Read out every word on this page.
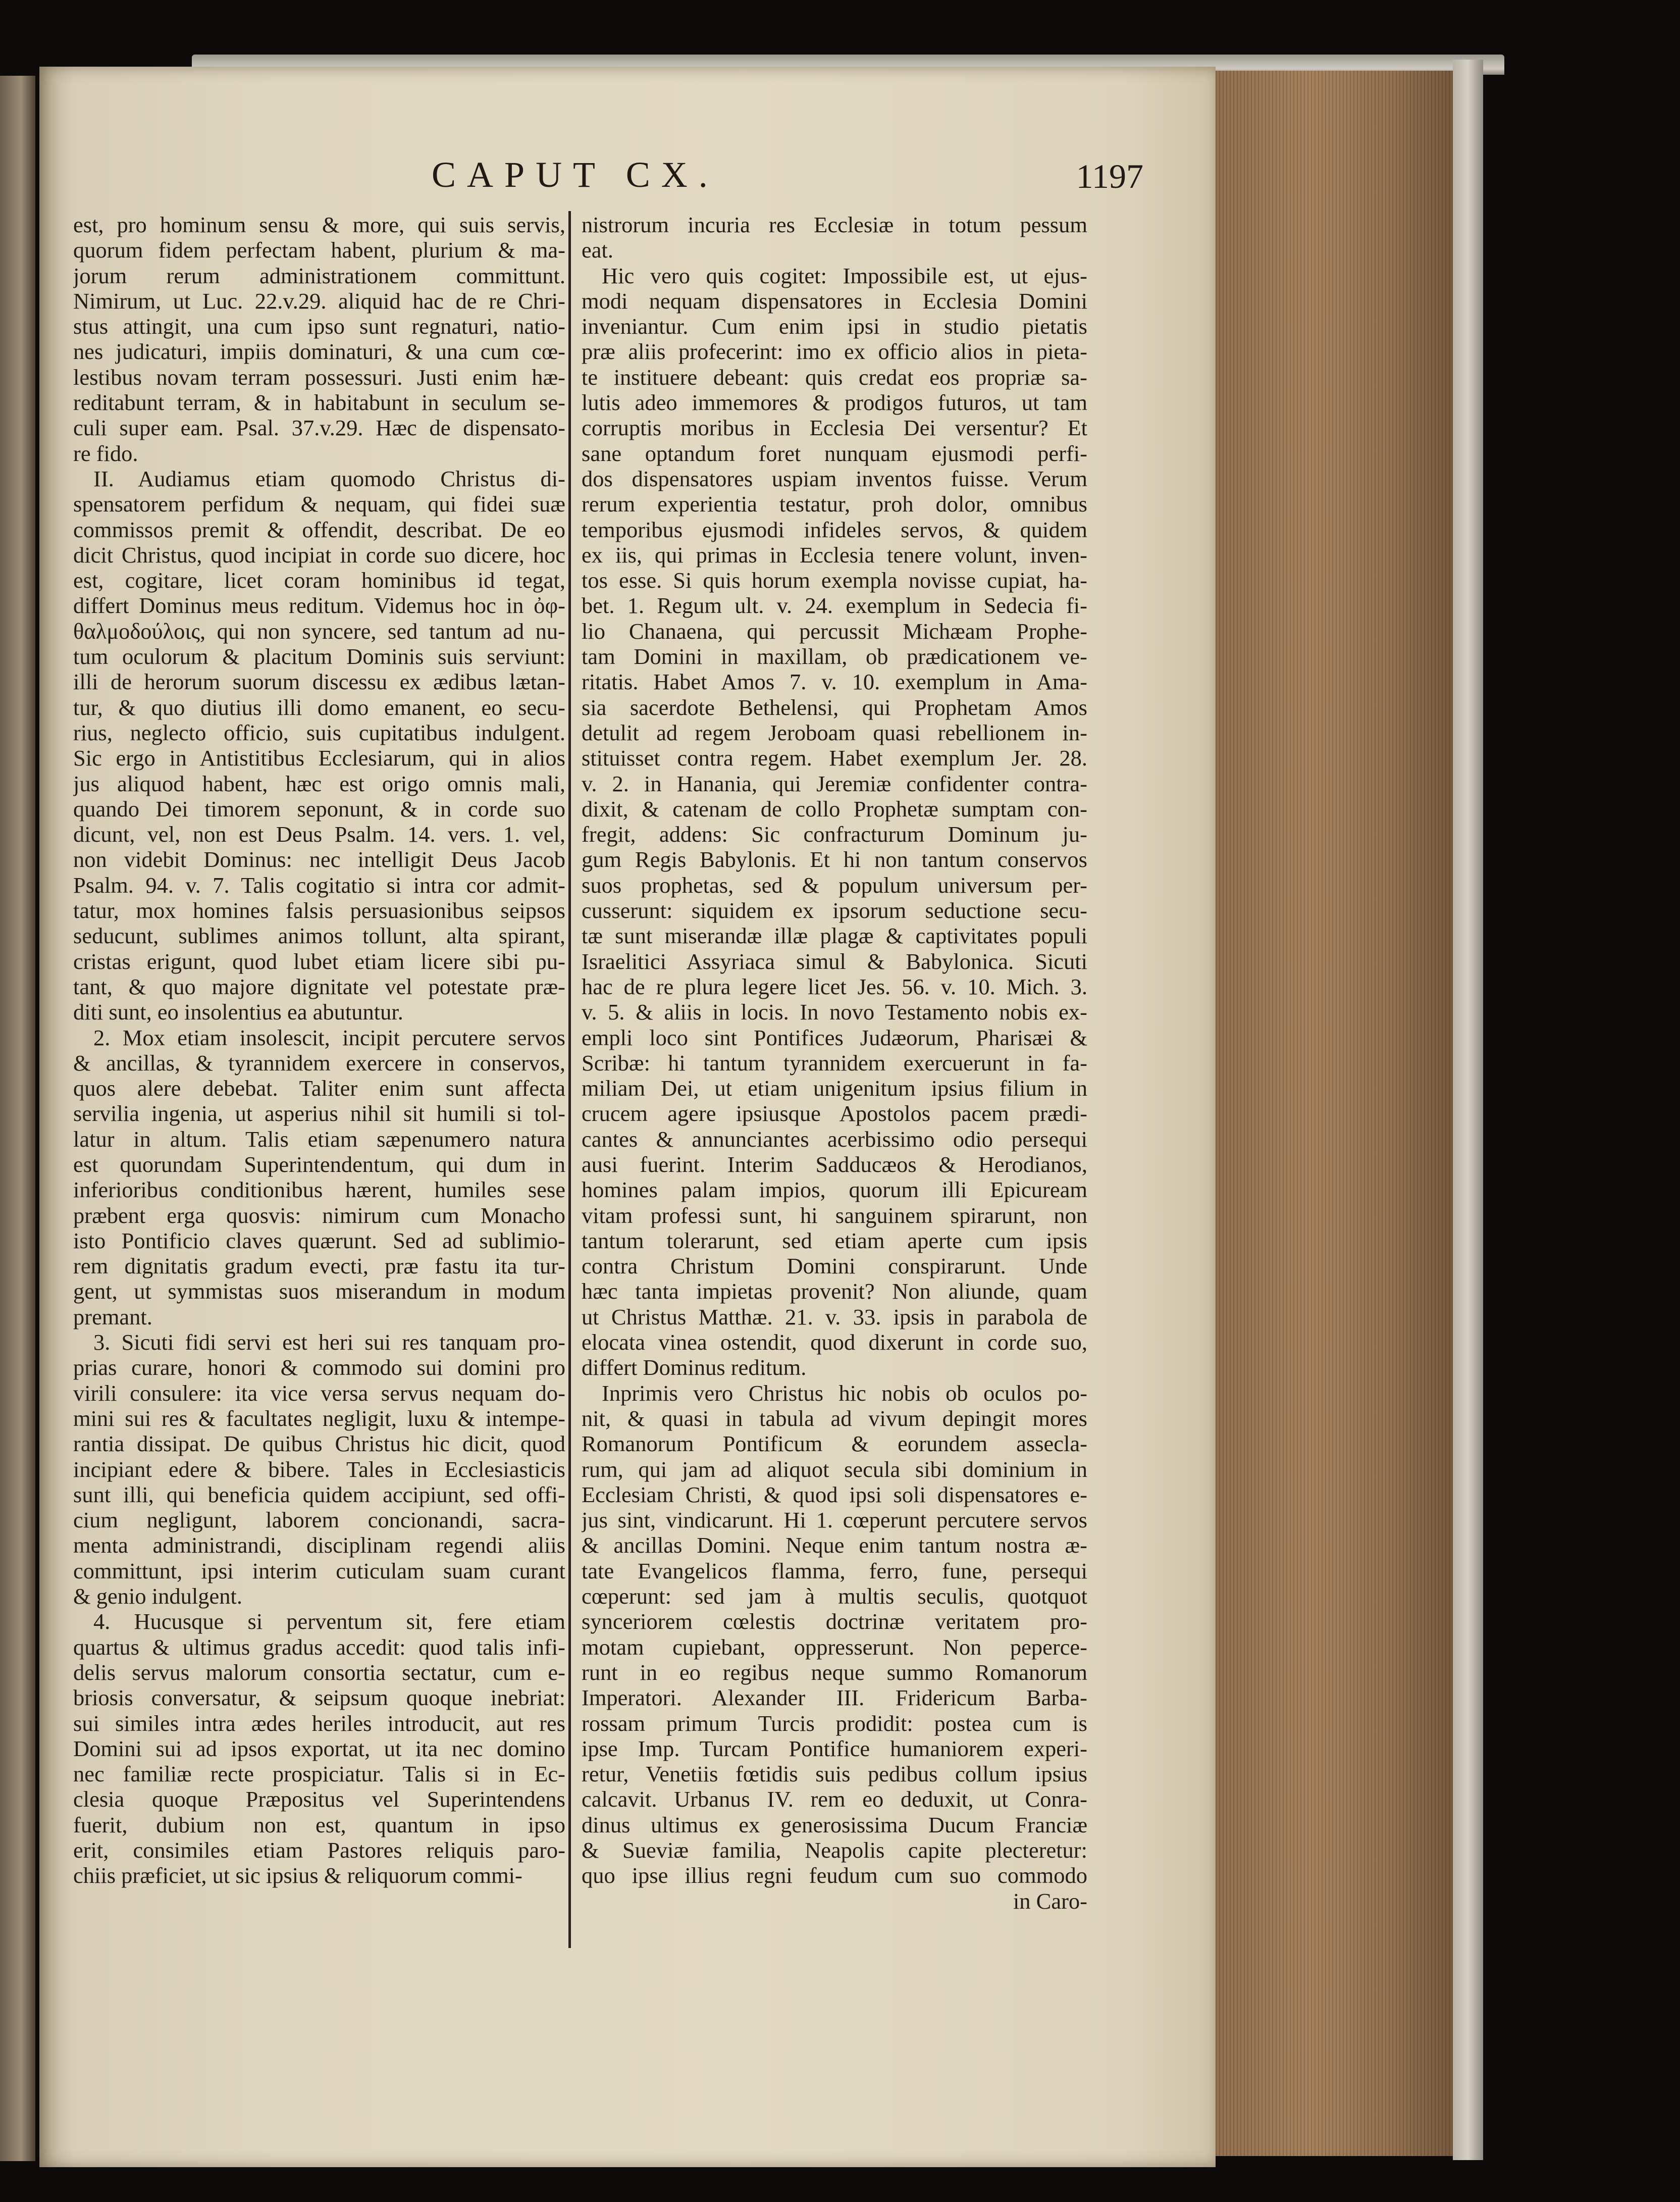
CAPUT CX.	1197
est, pro hominum sensu & more, qui suis servis,
quorum fidem perfectam habent, plurium & ma-
jorum rerum administrationem committunt.
Nimirum, ut Luc. 22.v.29. aliquid hac de re Chri-
stus attingit, una cum ipso sunt regnaturi, natio-
nes judicaturi, impiis dominaturi, & una cum cœ-
lestibus novam terram possessuri. Justi enim hæ-
reditabunt terram, & in habitabunt in seculum se-
culi super eam. Psal. 37.v.29. Hæc de dispensato-
re fido.
II. Audiamus etiam quomodo Christus di-
spensatorem perfidum & nequam, qui fidei suæ
commissos premit & offendit, describat. De eo
dicit Christus, quod incipiat in corde suo dicere, hoc
est, cogitare, licet coram hominibus id tegat,
differt Dominus meus reditum. Videmus hoc in ὀφ-
θαλμοδούλοις, qui non syncere, sed tantum ad nu-
tum oculorum & placitum Dominis suis serviunt:
illi de herorum suorum discessu ex ædibus lætan-
tur, & quo diutius illi domo emanent, eo secu-
rius, neglecto officio, suis cupitatibus indulgent.
Sic ergo in Antistitibus Ecclesiarum, qui in alios
jus aliquod habent, hæc est origo omnis mali,
quando Dei timorem seponunt, & in corde suo
dicunt, vel, non est Deus Psalm. 14. vers. 1. vel,
non videbit Dominus: nec intelligit Deus Jacob
Psalm. 94. v. 7. Talis cogitatio si intra cor admit-
tatur, mox homines falsis persuasionibus seipsos
seducunt, sublimes animos tollunt, alta spirant,
cristas erigunt, quod lubet etiam licere sibi pu-
tant, & quo majore dignitate vel potestate præ-
diti sunt, eo insolentius ea abutuntur.
2. Mox etiam insolescit, incipit percutere servos
& ancillas, & tyrannidem exercere in conservos,
quos alere debebat. Taliter enim sunt affecta
servilia ingenia, ut asperius nihil sit humili si tol-
latur in altum. Talis etiam sæpenumero natura
est quorundam Superintendentum, qui dum in
inferioribus conditionibus hærent, humiles sese
præbent erga quosvis: nimirum cum Monacho
isto Pontificio claves quærunt. Sed ad sublimio-
rem dignitatis gradum evecti, præ fastu ita tur-
gent, ut symmistas suos miserandum in modum
premant.
3. Sicuti fidi servi est heri sui res tanquam pro-
prias curare, honori & commodo sui domini pro
virili consulere: ita vice versa servus nequam do-
mini sui res & facultates negligit, luxu & intempe-
rantia dissipat. De quibus Christus hic dicit, quod
incipiant edere & bibere. Tales in Ecclesiasticis
sunt illi, qui beneficia quidem accipiunt, sed offi-
cium negligunt, laborem concionandi, sacra-
menta administrandi, disciplinam regendi aliis
committunt, ipsi interim cuticulam suam curant
& genio indulgent.
4. Hucusque si perventum sit, fere etiam
quartus & ultimus gradus accedit: quod talis infi-
delis servus malorum consortia sectatur, cum e-
briosis conversatur, & seipsum quoque inebriat:
sui similes intra ædes heriles introducit, aut res
Domini sui ad ipsos exportat, ut ita nec domino
nec familiæ recte prospiciatur. Talis si in Ec-
clesia quoque Præpositus vel Superintendens
fuerit, dubium non est, quantum in ipso
erit, consimiles etiam Pastores reliquis paro-
chiis præficiet, ut sic ipsius & reliquorum commi-
nistrorum incuria res Ecclesiæ in totum pessum
eat.
Hic vero quis cogitet: Impossibile est, ut ejus-
modi nequam dispensatores in Ecclesia Domini
inveniantur. Cum enim ipsi in studio pietatis
præ aliis profecerint: imo ex officio alios in pieta-
te instituere debeant: quis credat eos propriæ sa-
lutis adeo immemores & prodigos futuros, ut tam
corruptis moribus in Ecclesia Dei versentur? Et
sane optandum foret nunquam ejusmodi perfi-
dos dispensatores uspiam inventos fuisse. Verum
rerum experientia testatur, proh dolor, omnibus
temporibus ejusmodi infideles servos, & quidem
ex iis, qui primas in Ecclesia tenere volunt, inven-
tos esse. Si quis horum exempla novisse cupiat, ha-
bet. 1. Regum ult. v. 24. exemplum in Sedecia fi-
lio Chanaena, qui percussit Michæam Prophe-
tam Domini in maxillam, ob prædicationem ve-
ritatis. Habet Amos 7. v. 10. exemplum in Ama-
sia sacerdote Bethelensi, qui Prophetam Amos
detulit ad regem Jeroboam quasi rebellionem in-
stituisset contra regem. Habet exemplum Jer. 28.
v. 2. in Hanania, qui Jeremiæ confidenter contra-
dixit, & catenam de collo Prophetæ sumptam con-
fregit, addens: Sic confracturum Dominum ju-
gum Regis Babylonis. Et hi non tantum conservos
suos prophetas, sed & populum universum per-
cusserunt: siquidem ex ipsorum seductione secu-
tæ sunt miserandæ illæ plagæ & captivitates populi
Israelitici Assyriaca simul & Babylonica. Sicuti
hac de re plura legere licet Jes. 56. v. 10. Mich. 3.
v. 5. & aliis in locis. In novo Testamento nobis ex-
empli loco sint Pontifices Judæorum, Pharisæi &
Scribæ: hi tantum tyrannidem exercuerunt in fa-
miliam Dei, ut etiam unigenitum ipsius filium in
crucem agere ipsiusque Apostolos pacem prædi-
cantes & annunciantes acerbissimo odio persequi
ausi fuerint. Interim Sadducæos & Herodianos,
homines palam impios, quorum illi Epicuream
vitam professi sunt, hi sanguinem spirarunt, non
tantum tolerarunt, sed etiam aperte cum ipsis
contra Christum Domini conspirarunt. Unde
hæc tanta impietas provenit? Non aliunde, quam
ut Christus Matthæ. 21. v. 33. ipsis in parabola de
elocata vinea ostendit, quod dixerunt in corde suo,
differt Dominus reditum.
Inprimis vero Christus hic nobis ob oculos po-
nit, & quasi in tabula ad vivum depingit mores
Romanorum Pontificum & eorundem assecla-
rum, qui jam ad aliquot secula sibi dominium in
Ecclesiam Christi, & quod ipsi soli dispensatores e-
jus sint, vindicarunt. Hi 1. cœperunt percutere servos
& ancillas Domini. Neque enim tantum nostra æ-
tate Evangelicos flamma, ferro, fune, persequi
cœperunt: sed jam à multis seculis, quotquot
synceriorem cœlestis doctrinæ veritatem pro-
motam cupiebant, oppresserunt. Non pepercе-
runt in eo regibus neque summo Romanorum
Imperatori. Alexander III. Fridericum Barba-
rossam primum Turcis prodidit: postea cum is
ipse Imp. Turcam Pontifice humaniorem experi-
retur, Venetiis fœtidis suis pedibus collum ipsius
calcavit. Urbanus IV. rem eo deduxit, ut Conra-
dinus ultimus ex generosissima Ducum Franciæ
& Sueviæ familia, Neapolis capite plecteretur:
quo ipse illius regni feudum cum suo commodo
in Caro-
